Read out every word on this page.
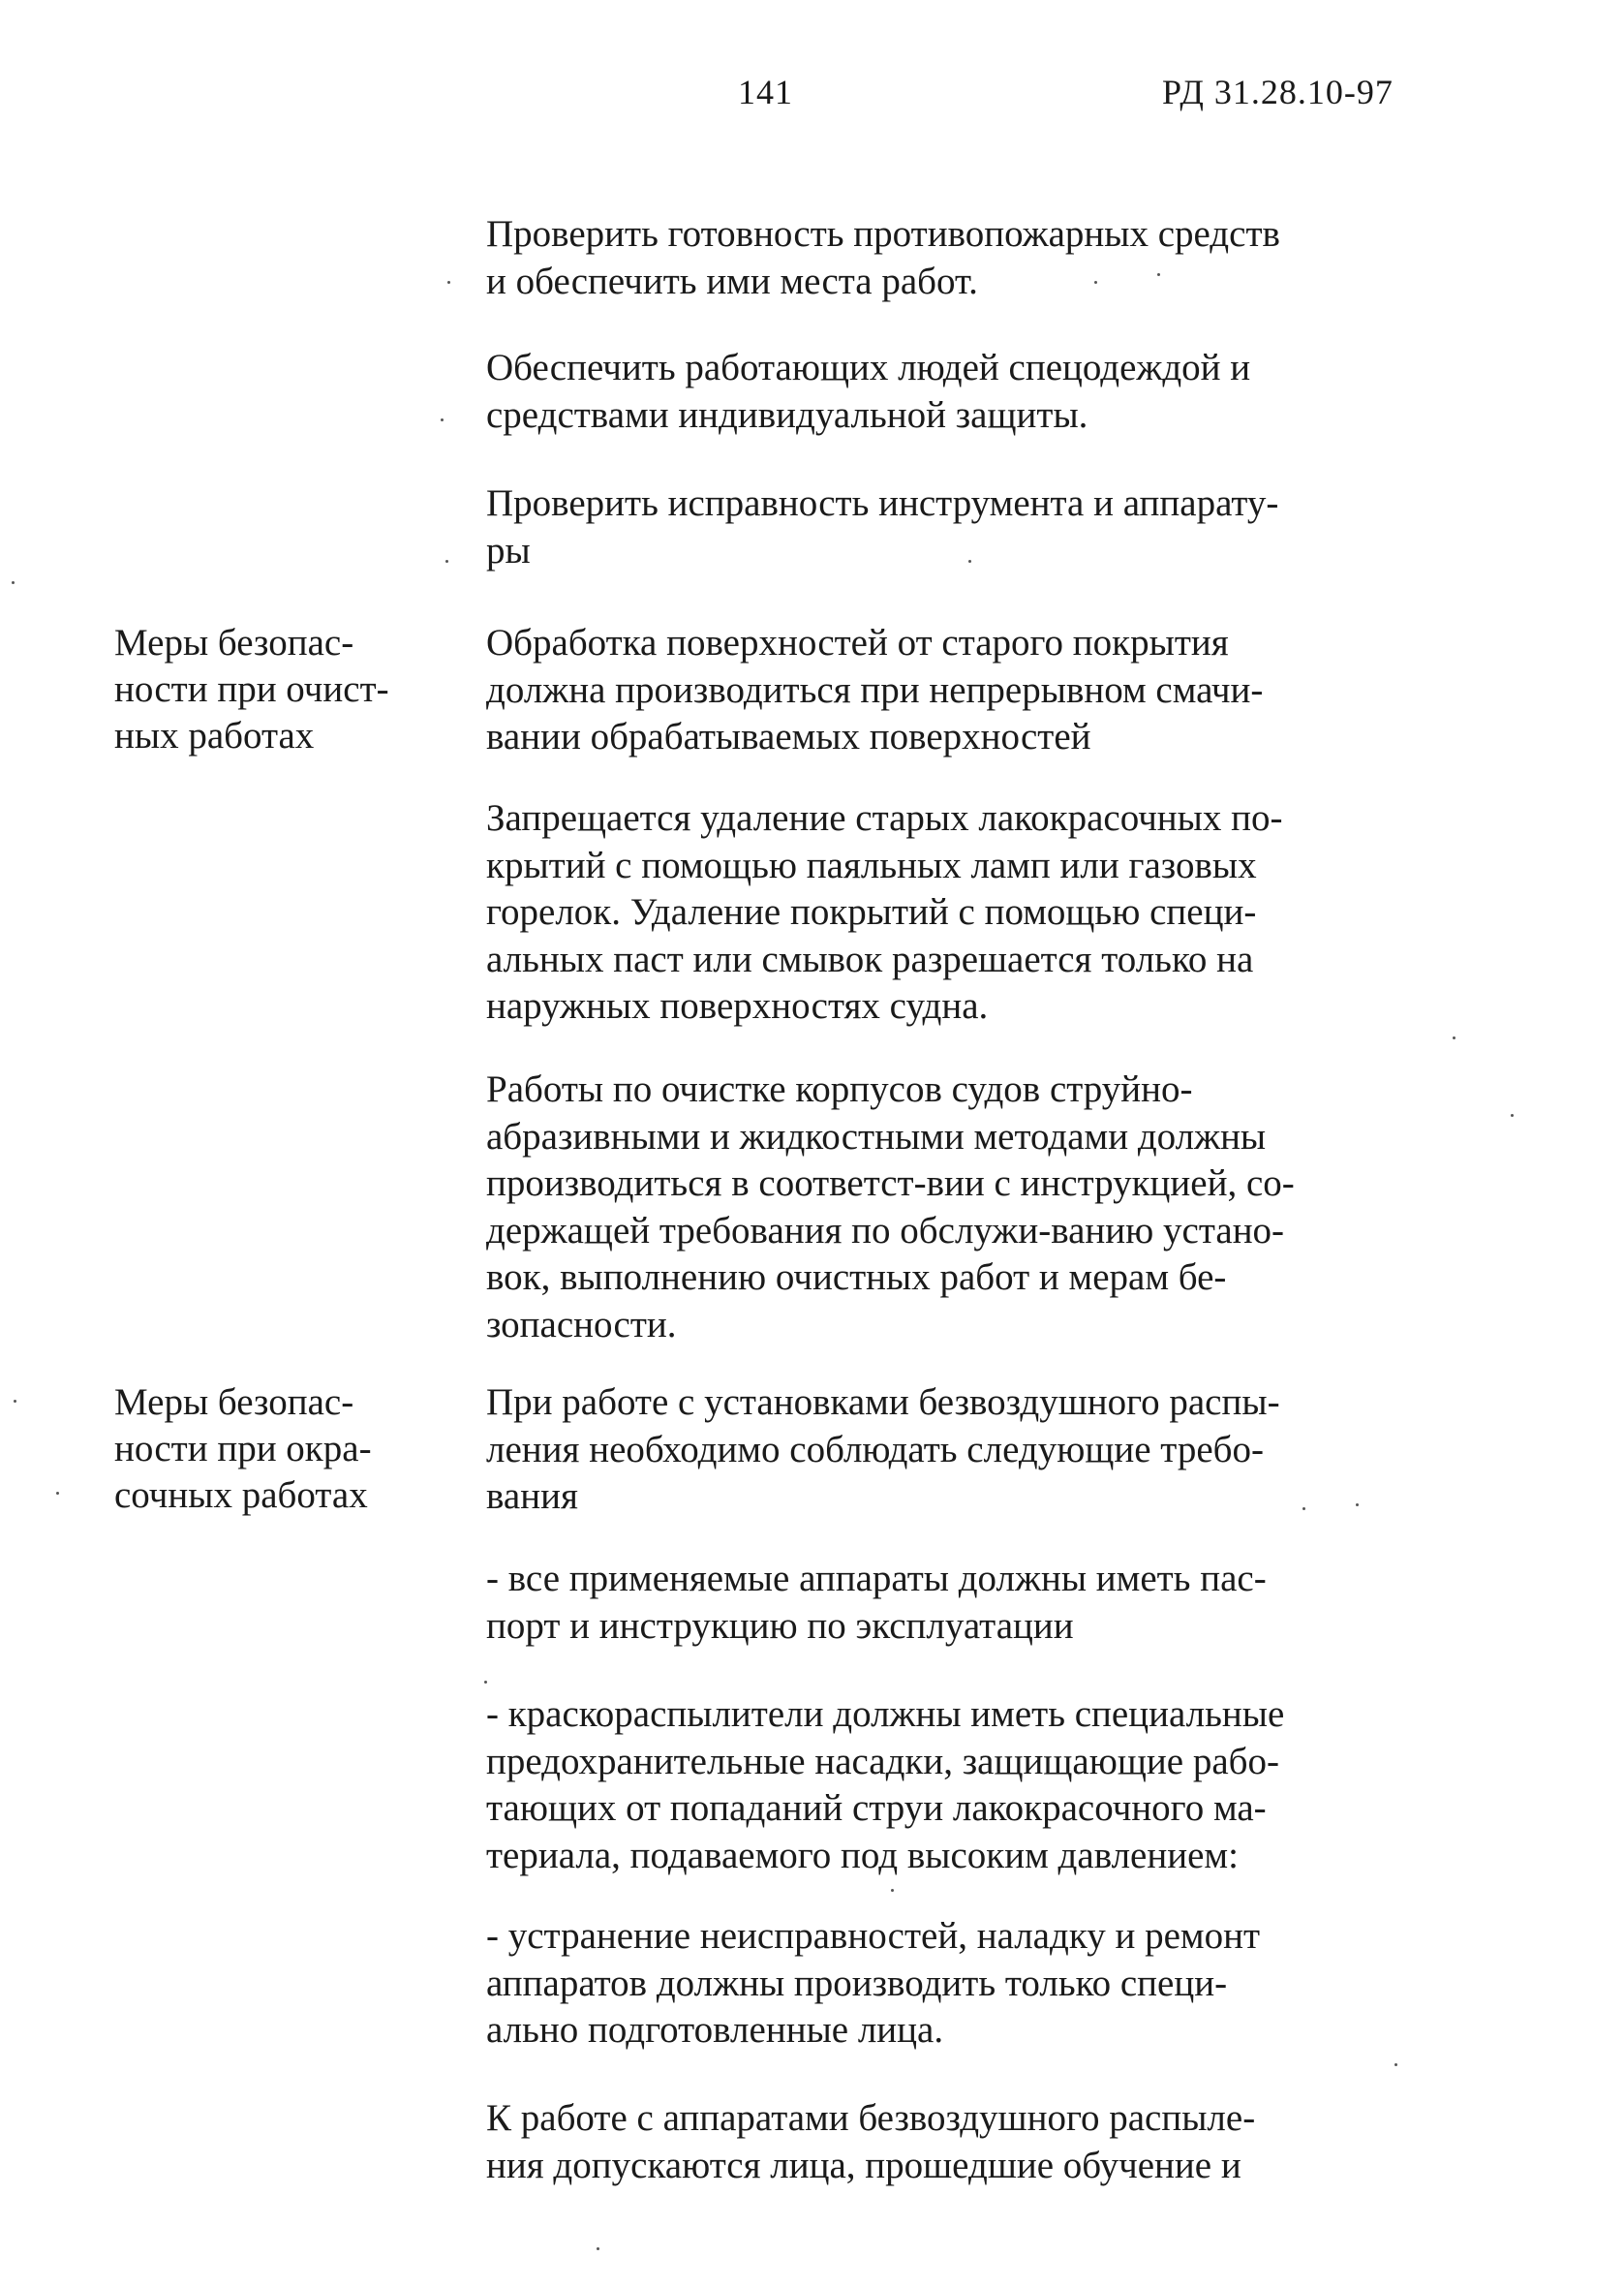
141	РД 31.28.10-97
Меры безопас-
ности при очист-
ных работах
Меры безопас-
ности при окра-
сочных работах
Проверить готовность противопожарных средств
и обеспечить ими места работ.
Обеспечить работающих людей спецодеждой и
средствами индивидуальной защиты.
Проверить исправность инструмента и аппарату-
ры
Обработка поверхностей от старого покрытия
должна производиться при непрерывном смачи-
вании обрабатываемых поверхностей
Запрещается удаление старых лакокрасочных по-
крытий с помощью паяльных ламп или газовых
горелок. Удаление покрытий с помощью специ-
альных паст или смывок разрешается только на
наружных поверхностях судна.
Работы по очистке корпусов судов струйно-
абразивными и жидкостными методами должны
производиться в соответст-вии с инструкцией, со-
держащей требования по обслужи-ванию устано-
вок, выполнению очистных работ и мерам бе-
зопасности.
При работе с установками безвоздушного распы-
ления необходимо соблюдать следующие требо-
вания
- все применяемые аппараты должны иметь пас-
порт и инструкцию по эксплуатации
- краскораспылители должны иметь специальные
предохранительные насадки, защищающие рабо-
тающих от попаданий струи лакокрасочного ма-
териала, подаваемого под высоким давлением:
- устранение неисправностей, наладку и ремонт
аппаратов должны производить только специ-
ально подготовленные лица.
К работе с аппаратами безвоздушного распыле-
ния допускаются лица, прошедшие обучение и
